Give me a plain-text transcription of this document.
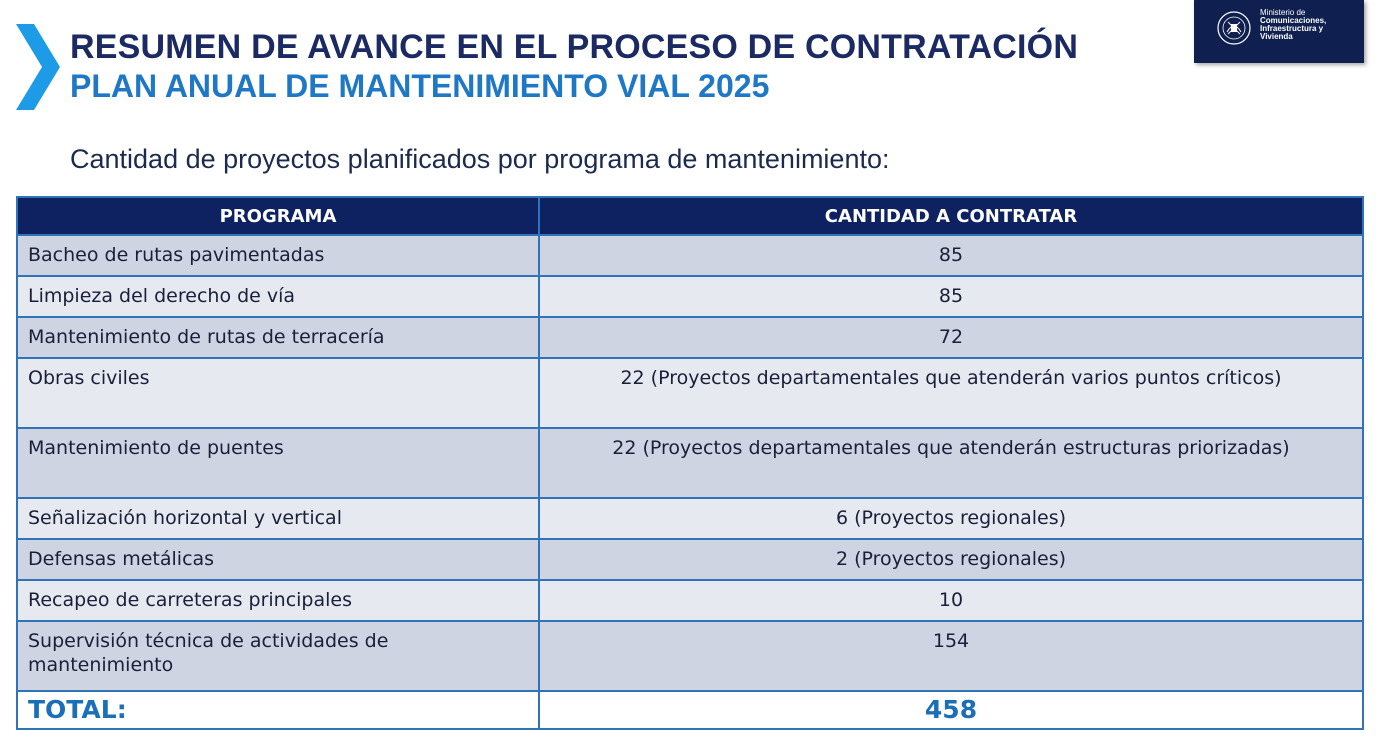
RESUMEN DE AVANCE EN EL PROCESO DE CONTRATACIÓN
PLAN ANUAL DE MANTENIMIENTO VIAL 2025
Ministerio de
Comunicaciones,
Infraestructura y
Vivienda
Cantidad de proyectos planificados por programa de mantenimiento:
PROGRAMA	CANTIDAD A CONTRATAR
Bacheo de rutas pavimentadas	85
Limpieza del derecho de vía	85
Mantenimiento de rutas de terracería	72
Obras civiles	22 (Proyectos departamentales que atenderán varios puntos críticos)
Mantenimiento de puentes	22 (Proyectos departamentales que atenderán estructuras priorizadas)
Señalización horizontal y vertical	6 (Proyectos regionales)
Defensas metálicas	2 (Proyectos regionales)
Recapeo de carreteras principales	10
Supervisión técnica de actividades de mantenimiento	154
TOTAL:	458
